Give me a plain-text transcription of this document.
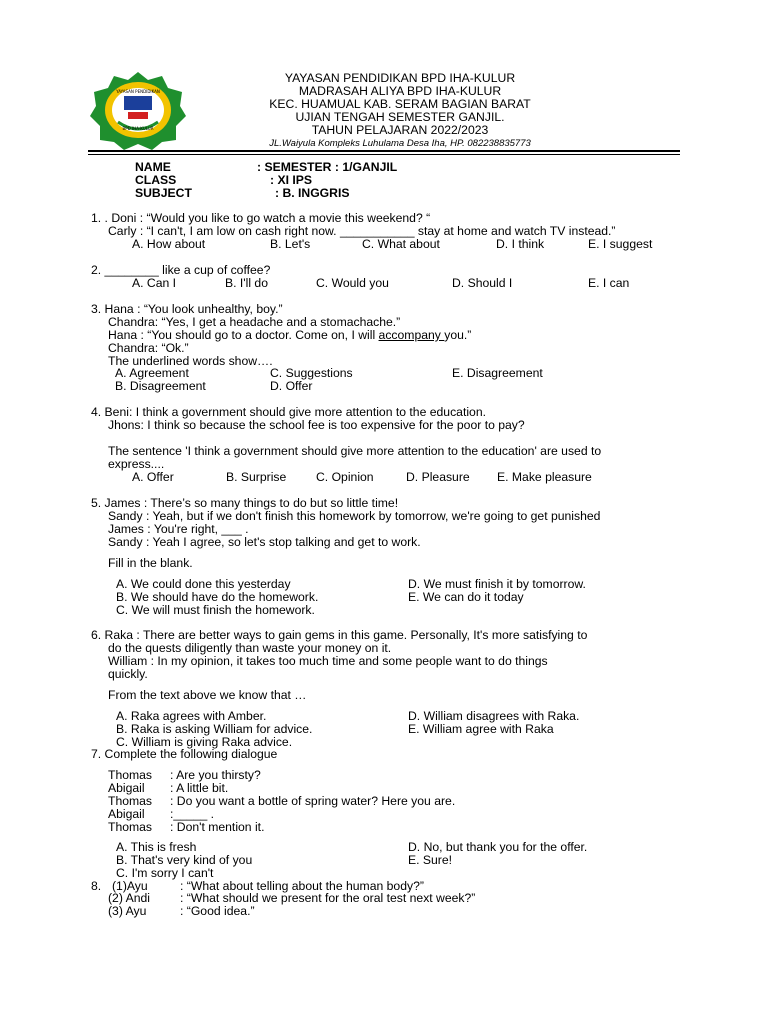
YAYASAN PENDIDIKAN
BPD IHA-KULUR
YAYASAN PENDIDIKAN BPD IHA-KULUR
MADRASAH ALIYA BPD IHA-KULUR
KEC. HUAMUAL KAB. SERAM BAGIAN BARAT
UJIAN TENGAH SEMESTER GANJIL.
TAHUN PELAJARAN 2022/2023
JL.Waiyula Kompleks Luhulama Desa Iha, HP. 082238835773
NAME	: SEMESTER : 1/GANJIL
CLASS	: XI IPS
SUBJECT	: B. INGGRIS
1. . Doni : “Would you like to go watch a movie this weekend? “
Carly : “I can't, I am low on cash right now. ___________ stay at home and watch TV instead.”
A. How about	B. Let's	C. What about	D. I think	E. I suggest
2. ________ like a cup of coffee?
A. Can I	B. I'll do	C. Would you	D. Should I	E. I can
3. Hana : “You look unhealthy, boy.”
Chandra: “Yes, I get a headache and a stomachache.”
Hana : “You should go to a doctor. Come on, I will accompany you.”
Chandra: “Ok.”
The underlined words show….
A. Agreement	C. Suggestions	E. Disagreement
B. Disagreement	D. Offer
4. Beni: I think a government should give more attention to the education.
Jhons: I think so because the school fee is too expensive for the poor to pay?
The sentence 'I think a government should give more attention to the education' are used to
express....
A. Offer	B. Surprise C. Opinion	D. Pleasure E. Make pleasure
5. James : There’s so many things to do but so little time!
Sandy : Yeah, but if we don't finish this homework by tomorrow, we're going to get punished
James : You're right, ___ .
Sandy : Yeah I agree, so let's stop talking and get to work.
Fill in the blank.
A. We could done this yesterday	D. We must finish it by tomorrow.
B. We should have do the homework.	E. We can do it today
C. We will must finish the homework.
6. Raka : There are better ways to gain gems in this game. Personally, It's more satisfying to
do the quests diligently than waste your money on it.
William : In my opinion, it takes too much time and some people want to do things
quickly.
From the text above we know that …
A. Raka agrees with Amber.	D. William disagrees with Raka.
B. Raka is asking William for advice.	E. William agree with Raka
C. William is giving Raka advice.
7. Complete the following dialogue
Thomas : Are you thirsty?
Abigail : A little bit.
Thomas : Do you want a bottle of spring water? Here you are.
Abigail :_____ .
Thomas : Don't mention it.
A. This is fresh	D. No, but thank you for the offer.
B. That's very kind of you	E. Sure!
C. I'm sorry I can't
8. (1)Ayu	: “What about telling about the human body?”
(2) Andi : “What should we present for the oral test next week?”
(3) Ayu	: “Good idea.”
